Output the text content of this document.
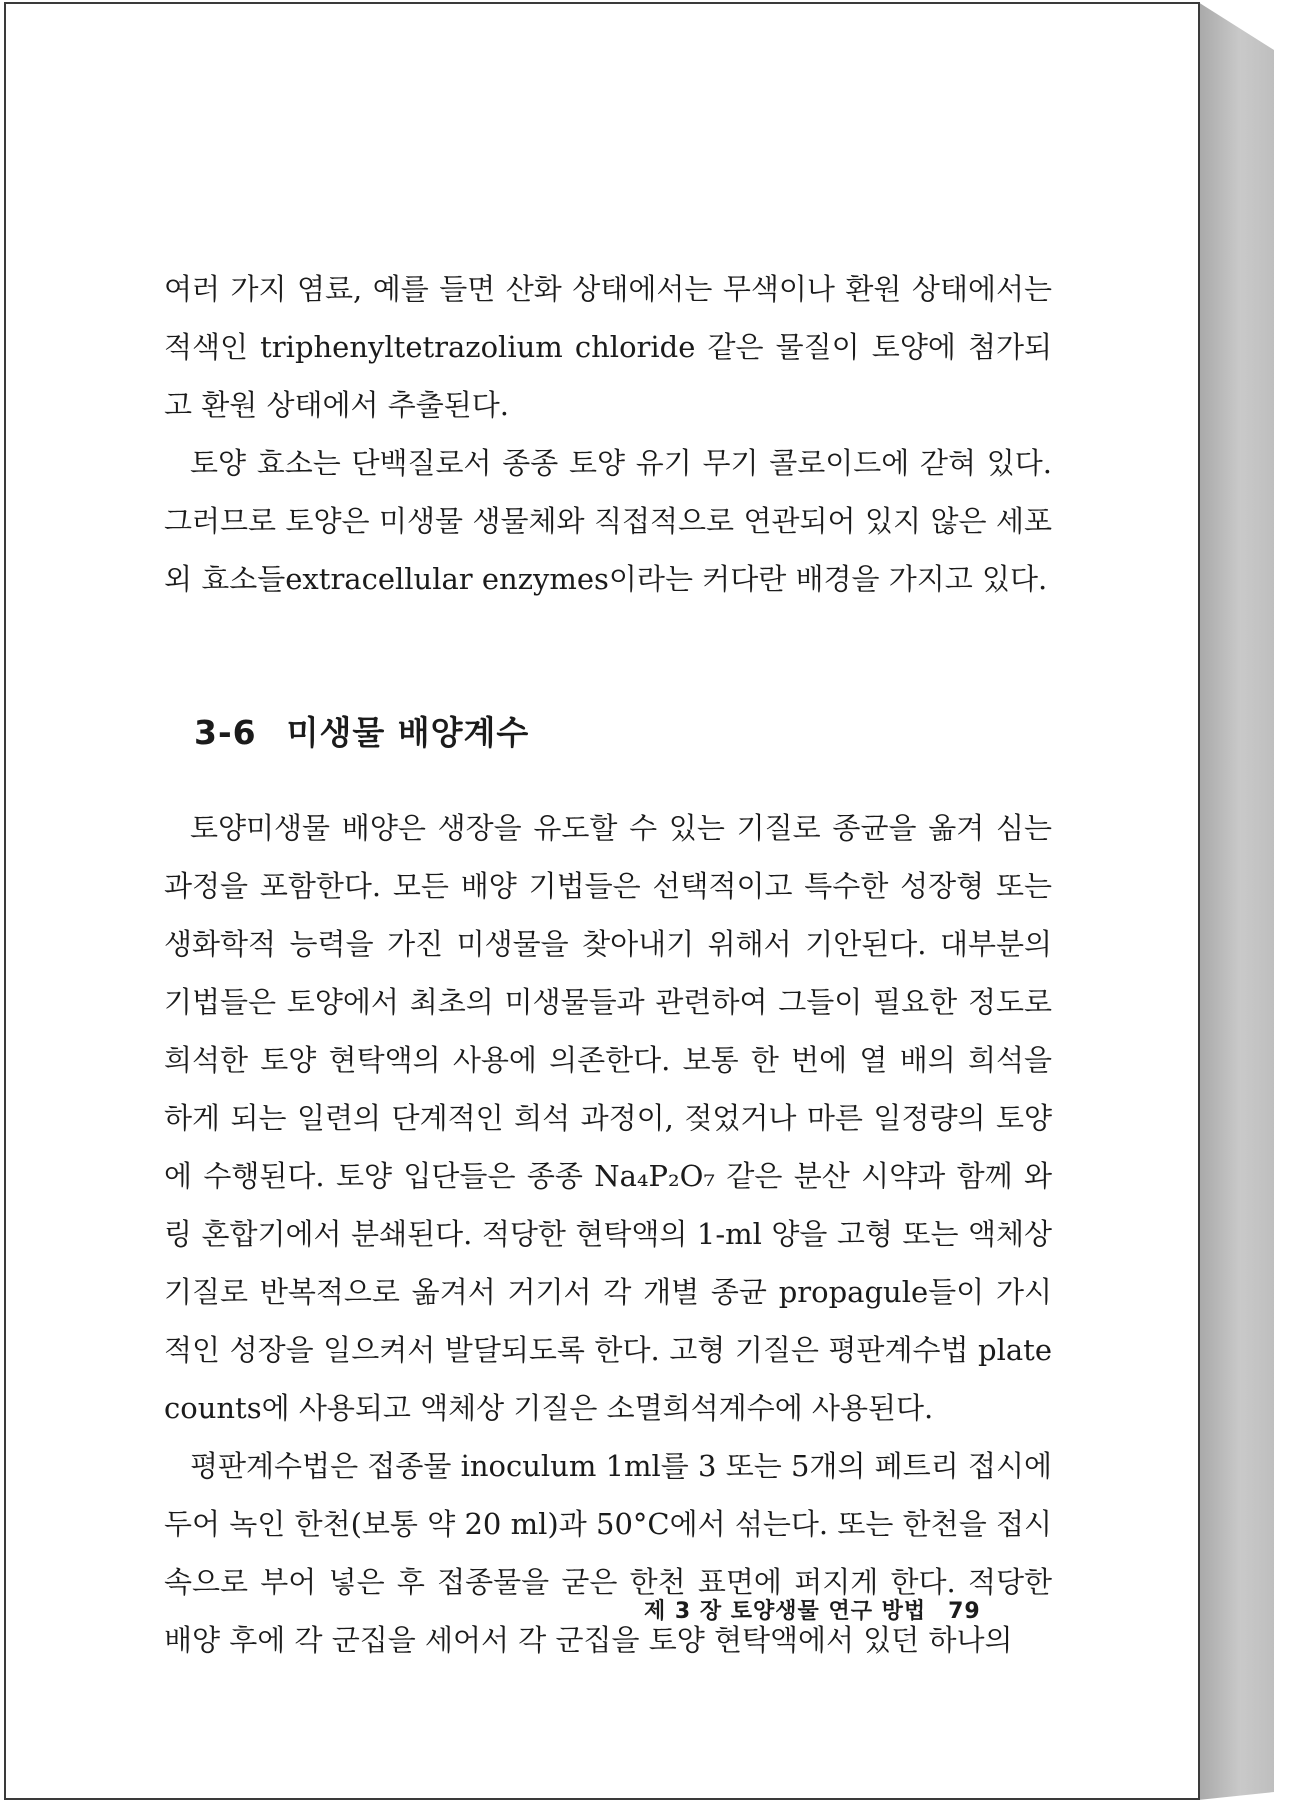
여러 가지 염료, 예를 들면 산화 상태에서는 무색이나 환원 상태에서는 적색인 triphenyltetrazolium chloride 같은 물질이 토양에 첨가되고 환원 상태에서 추출된다.

토양 효소는 단백질로서 종종 토양 유기 무기 콜로이드에 갇혀 있다. 그러므로 토양은 미생물 생물체와 직접적으로 연관되어 있지 않은 세포외 효소들extracellular enzymes이라는 커다란 배경을 가지고 있다.

3-6 미생물 배양계수

토양미생물 배양은 생장을 유도할 수 있는 기질로 종균을 옮겨 심는 과정을 포함한다. 모든 배양 기법들은 선택적이고 특수한 성장형 또는 생화학적 능력을 가진 미생물을 찾아내기 위해서 기안된다. 대부분의 기법들은 토양에서 최초의 미생물들과 관련하여 그들이 필요한 정도로 희석한 토양 현탁액의 사용에 의존한다. 보통 한 번에 열 배의 희석을 하게 되는 일련의 단계적인 희석 과정이, 젖었거나 마른 일정량의 토양에 수행된다. 토양 입단들은 종종 Na₄P₂O₇ 같은 분산 시약과 함께 와링 혼합기에서 분쇄된다. 적당한 현탁액의 1-ml 양을 고형 또는 액체상 기질로 반복적으로 옮겨서 거기서 각 개별 종균 propagule들이 가시적인 성장을 일으켜서 발달되도록 한다. 고형 기질은 평판계수법 plate counts에 사용되고 액체상 기질은 소멸희석계수에 사용된다.

평판계수법은 접종물 inoculum 1ml를 3 또는 5개의 페트리 접시에 두어 녹인 한천(보통 약 20 ml)과 50°C에서 섞는다. 또는 한천을 접시 속으로 부어 넣은 후 접종물을 굳은 한천 표면에 퍼지게 한다. 적당한 배양 후에 각 군집을 세어서 각 군집을 토양 현탁액에서 있던 하나의

제 3 장 토양생물 연구 방법 79
